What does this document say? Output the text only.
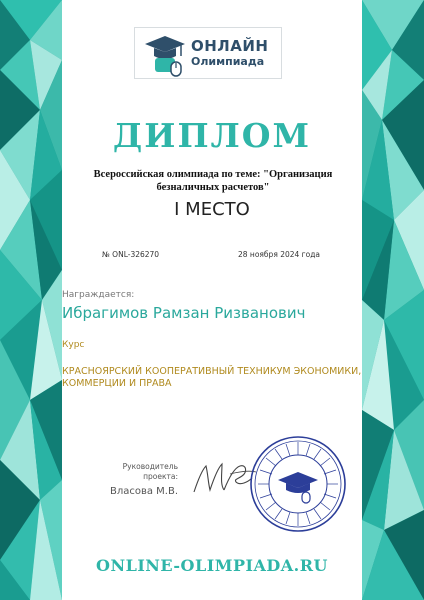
ОНЛАЙН
Олимпиада
ДИПЛОМ
Всероссийская олимпиада по теме: "Организация безналичных расчетов"
I МЕСТО
№ ONL-326270	28 ноября 2024 года
Награждается:
Ибрагимов Рамзан Ризванович
Курс
КРАСНОЯРСКИЙ КООПЕРАТИВНЫЙ ТЕХНИКУМ ЭКОНОМИКИ, КОММЕРЦИИ И ПРАВА
Руководитель проекта:
Власова М.В.
ONLINE-OLIMPIADA.RU
